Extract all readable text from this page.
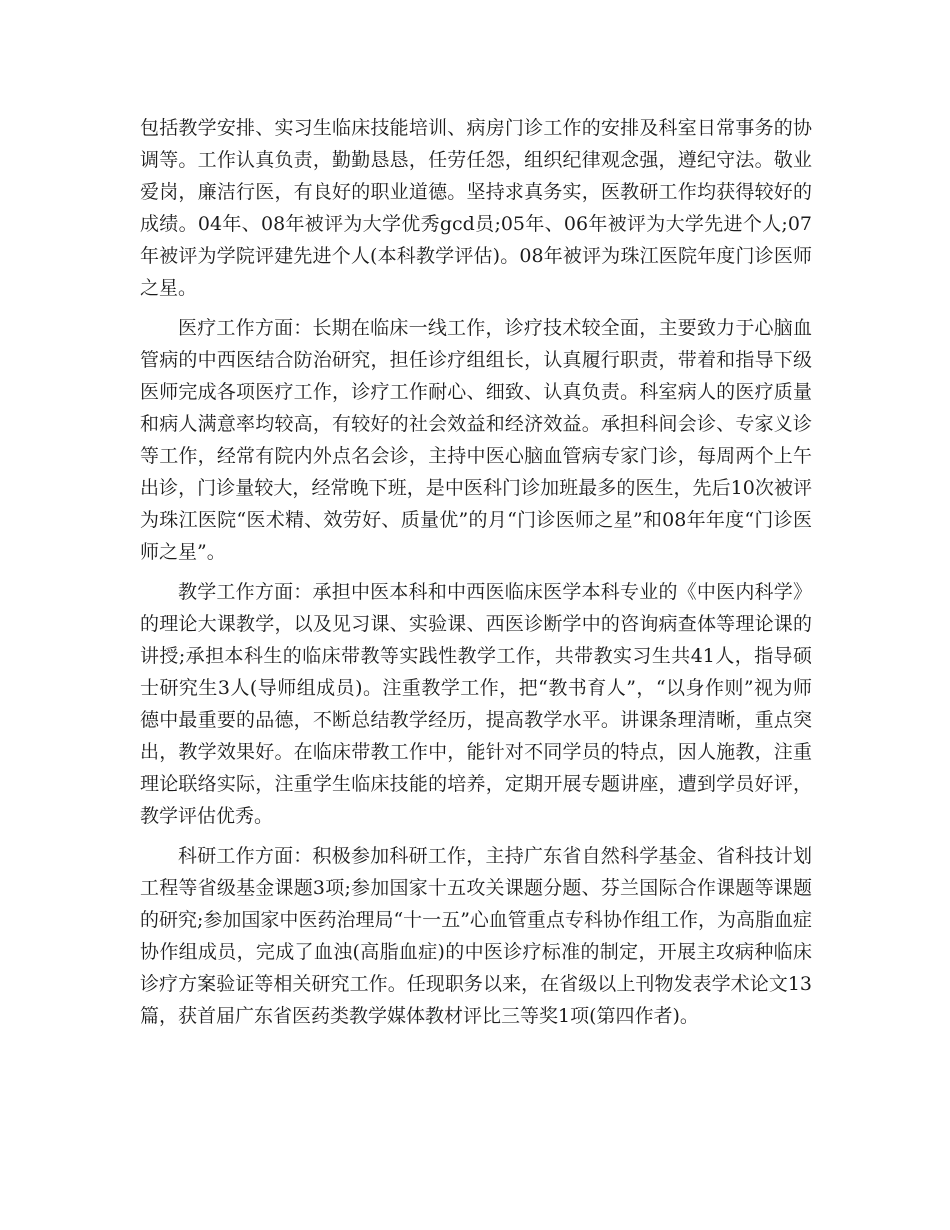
包括教学安排、实习生临床技能培训、病房门诊工作的安排及科室日常事务的协调等。工作认真负责，勤勤恳恳，任劳任怨，组织纪律观念强，遵纪守法。敬业爱岗，廉洁行医，有良好的职业道德。坚持求真务实，医教研工作均获得较好的成绩。04年、08年被评为大学优秀gcd员;05年、06年被评为大学先进个人;07年被评为学院评建先进个人(本科教学评估)。08年被评为珠江医院年度门诊医师之星。

医疗工作方面：长期在临床一线工作，诊疗技术较全面，主要致力于心脑血管病的中西医结合防治研究，担任诊疗组组长，认真履行职责，带着和指导下级医师完成各项医疗工作，诊疗工作耐心、细致、认真负责。科室病人的医疗质量和病人满意率均较高，有较好的社会效益和经济效益。承担科间会诊、专家义诊等工作，经常有院内外点名会诊，主持中医心脑血管病专家门诊，每周两个上午出诊，门诊量较大，经常晚下班，是中医科门诊加班最多的医生，先后10次被评为珠江医院“医术精、效劳好、质量优”的月“门诊医师之星”和08年年度“门诊医师之星”。

教学工作方面：承担中医本科和中西医临床医学本科专业的《中医内科学》的理论大课教学，以及见习课、实验课、西医诊断学中的咨询病查体等理论课的讲授;承担本科生的临床带教等实践性教学工作，共带教实习生共41人，指导硕士研究生3人(导师组成员)。注重教学工作，把“教书育人”，“以身作则”视为师德中最重要的品德，不断总结教学经历，提高教学水平。讲课条理清晰，重点突出，教学效果好。在临床带教工作中，能针对不同学员的特点，因人施教，注重理论联络实际，注重学生临床技能的培养，定期开展专题讲座，遭到学员好评，教学评估优秀。

科研工作方面：积极参加科研工作，主持广东省自然科学基金、省科技计划工程等省级基金课题3项;参加国家十五攻关课题分题、芬兰国际合作课题等课题的研究;参加国家中医药治理局“十一五”心血管重点专科协作组工作，为高脂血症协作组成员，完成了血浊(高脂血症)的中医诊疗标准的制定，开展主攻病种临床诊疗方案验证等相关研究工作。任现职务以来，在省级以上刊物发表学术论文13篇，获首届广东省医药类教学媒体教材评比三等奖1项(第四作者)。
